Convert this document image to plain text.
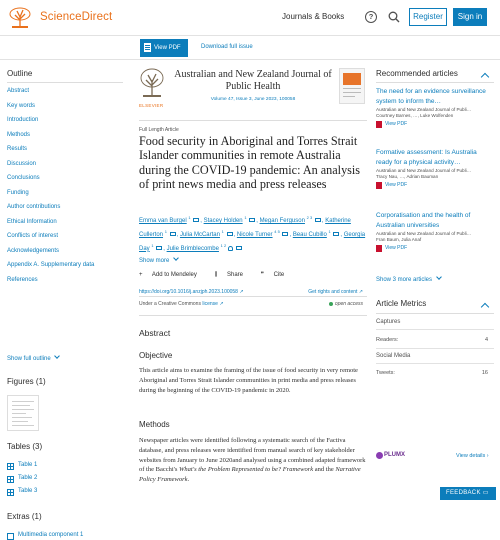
ScienceDirect	Journals & Books	?	Register	Sign in
View PDF	Download full issue
Outline
Abstract
Key words
Introduction
Methods
Results
Discussion
Conclusions
Funding
Author contributions
Ethical Information
Conflicts of interest
Acknowledgements
Appendix A. Supplementary data
References
Show full outline
Figures (1)
Tables (3)
Table 1
Table 2
Table 3
Extras (1)
Multimedia component 1
ELSEVIER
Australian and New Zealand Journal of Public Health
Volume 47, Issue 3, June 2023, 100058
Full Length Article
Food security in Aboriginal and Torres Strait Islander communities in remote Australia during the COVID-19 pandemic: An analysis of print news media and press releases
Emma van Burgel $^1$ , Stacey Holden $^1$ , Megan Ferguson $^{2 3}$ , Katherine Cullerton $^1$ , Julia McCartan $^1$ , Nicole Turner $^{4 5}$ , Beau Cubillo $^1$ , Georgia Day $^1$ , Julie Brimblecombe $^{1 2}$
Show more
+ Add to Mendeley	⫼ Share	❞ Cite
https://doi.org/10.1016/j.anzjph.2023.100058 ↗	Get rights and content ↗
Under a Creative Commons license ↗	open access
Abstract
Objective

This article aims to examine the framing of the issue of food security in very remote Aboriginal and Torres Strait Islander communities in print media and press releases during the beginning of the COVID-19 pandemic in 2020.

Methods

Newspaper articles were identified following a systematic search of the Factiva database, and press releases were identified from manual search of key stakeholder websites from January to June 2020and analysed using a combined adapted framework of the Bacchi's What's the Problem Represented to be? Framework and the Narrative Policy Framework.

Recommended articles
The need for an evidence surveillance system to inform the…
Australian and New Zealand Journal of Publi…
Courtney Barnes, …, Luke Wolfenden
View PDF
Formative assessment: Is Australia ready for a physical activity…
Australian and New Zealand Journal of Publi…
Tracy Nau, …, Adrian Bauman
View PDF
Corporatisation and the health of Australian universities
Australian and New Zealand Journal of Publi…
Fran Baum, Julia Anaf
View PDF
Show 3 more articles
Article Metrics
Captures
Readers:	4
Social Media
Tweets:	16
PLUMX	View details ›
FEEDBACK ▭
